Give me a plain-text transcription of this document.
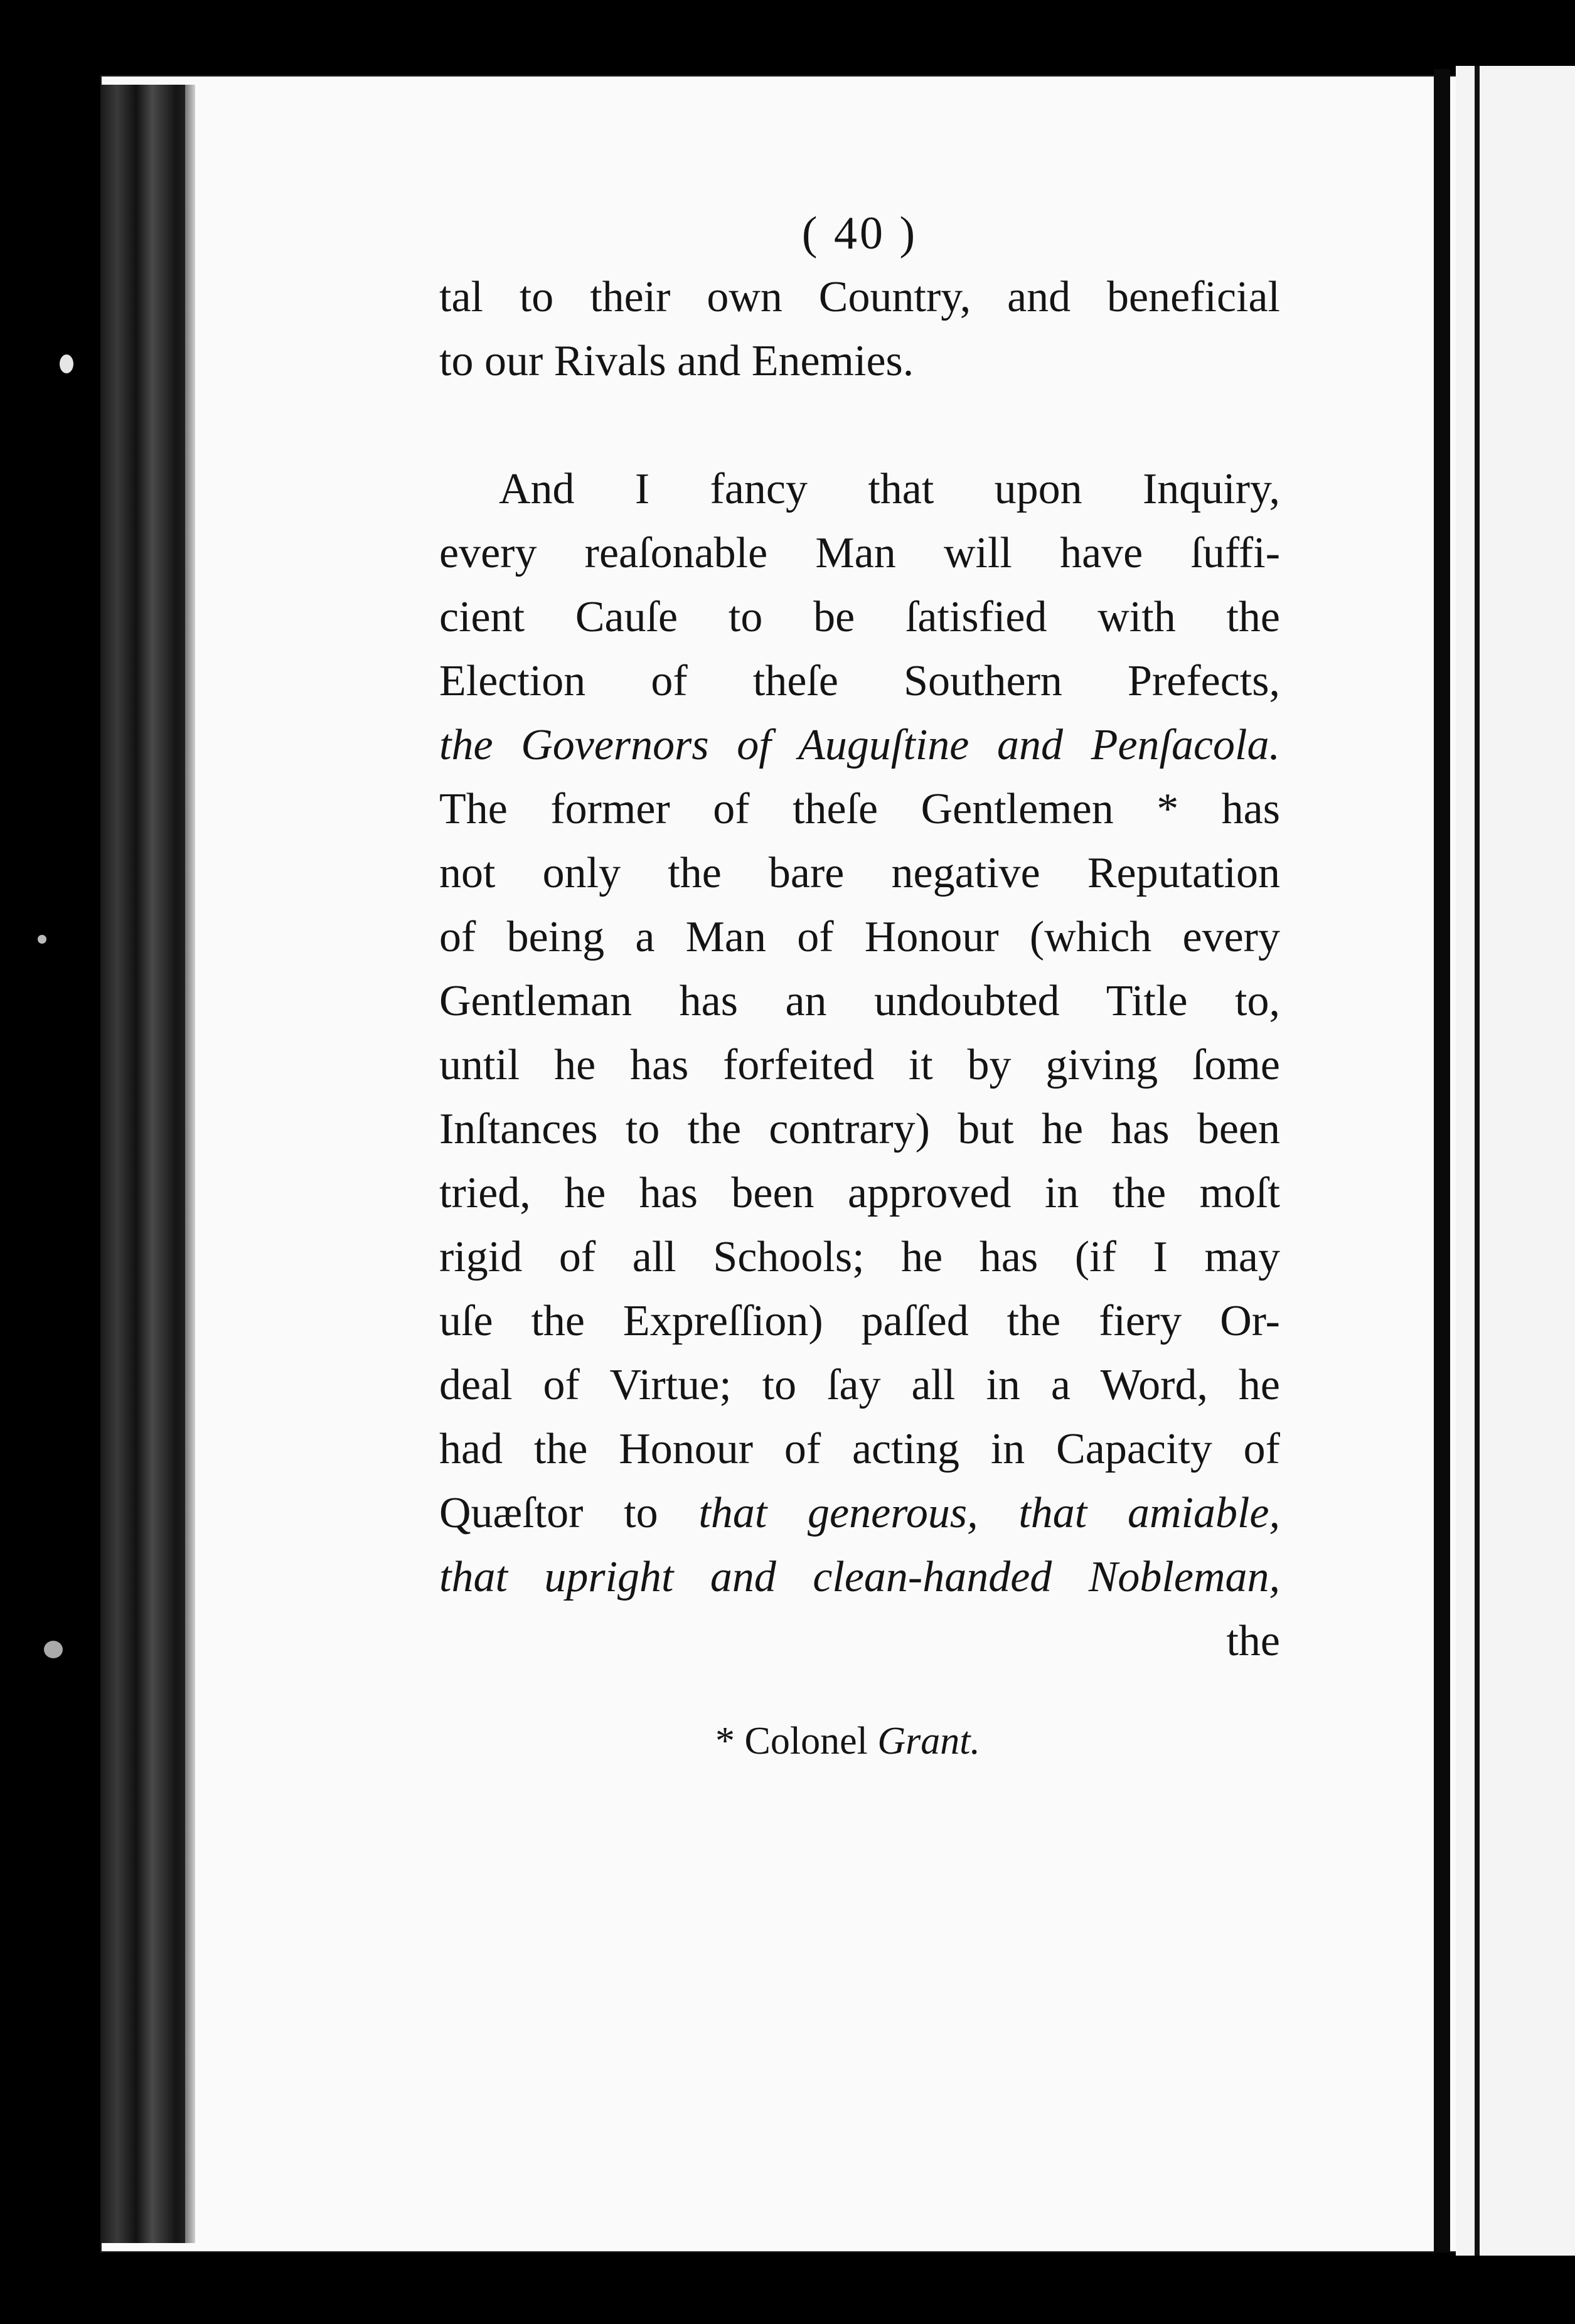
( 40 )
tal to their own Country, and beneficial
to our Rivals and Enemies.
And I fancy that upon Inquiry,
every reaſonable Man will have ſuffi-
cient Cauſe to be ſatisfied with the
Election of theſe Southern Prefects,
the Governors of Auguſtine and Penſacola.
The former of theſe Gentlemen * has
not only the bare negative Reputation
of being a Man of Honour (which every
Gentleman has an undoubted Title to,
until he has forfeited it by giving ſome
Inſtances to the contrary) but he has been
tried, he has been approved in the moſt
rigid of all Schools; he has (if I may
uſe the Expreſſion) paſſed the fiery Or-
deal of Virtue; to ſay all in a Word, he
had the Honour of acting in Capacity of
Quæſtor to that generous, that amiable,
that upright and clean-handed Nobleman,
the
* Colonel Grant.
